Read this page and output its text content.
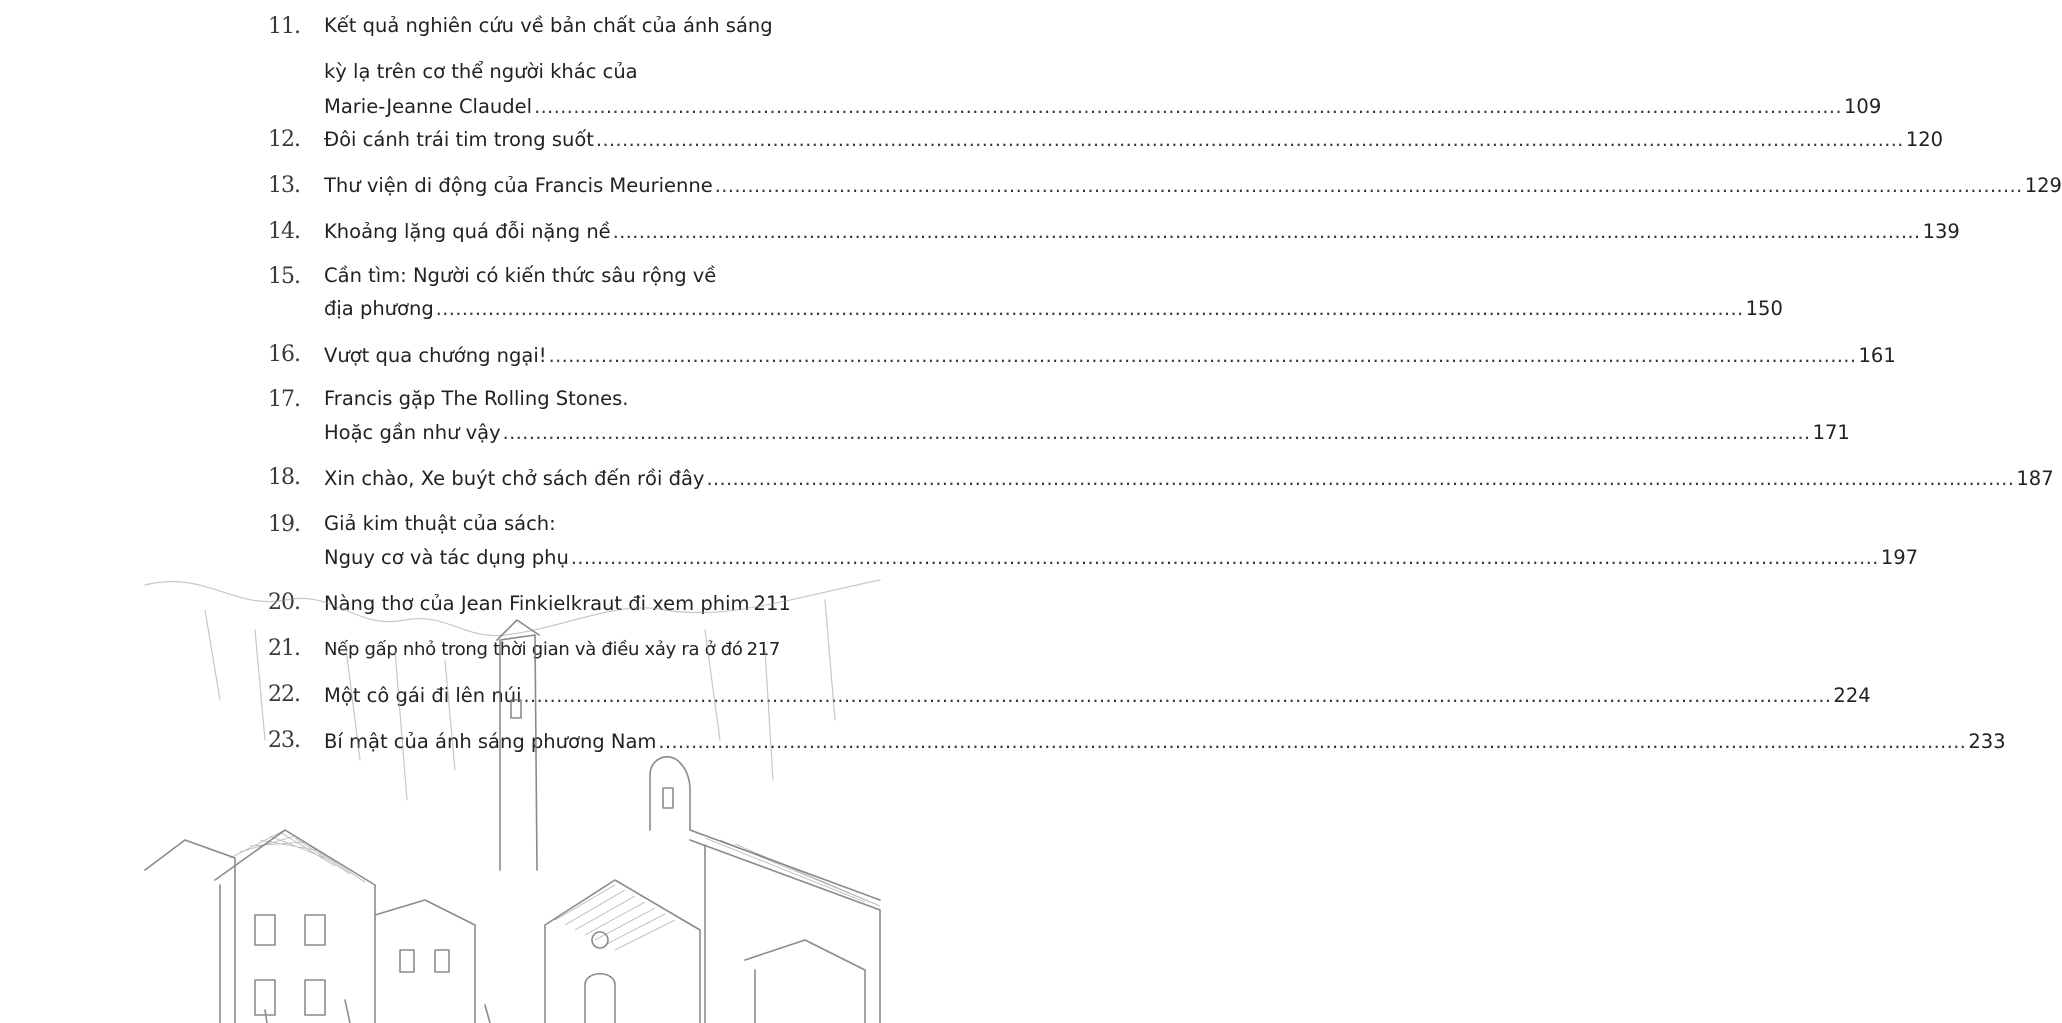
11. Kết quả nghiên cứu về bản chất của ánh sáng
kỳ lạ trên cơ thể người khác của
Marie-Jeanne Claudel ........................................................................................................................................................................................................ 109
12. Đôi cánh trái tim trong suốt ........................................................................................................................................................................................................ 120
13. Thư viện di động của Francis Meurienne ........................................................................................................................................................................................................ 129
14. Khoảng lặng quá đỗi nặng nề ........................................................................................................................................................................................................ 139
15. Cần tìm: Người có kiến thức sâu rộng về
địa phương ........................................................................................................................................................................................................ 150
16. Vượt qua chướng ngại! ........................................................................................................................................................................................................ 161
17. Francis gặp The Rolling Stones.
Hoặc gần như vậy ........................................................................................................................................................................................................ 171
18. Xin chào, Xe buýt chở sách đến rồi đây ........................................................................................................................................................................................................ 187
19. Giả kim thuật của sách:
Nguy cơ và tác dụng phụ ........................................................................................................................................................................................................ 197
20. Nàng thơ của Jean Finkielkraut đi xem phim 211
21. Nếp gấp nhỏ trong thời gian và điều xảy ra ở đó 217
22. Một cô gái đi lên núi ........................................................................................................................................................................................................ 224
23. Bí mật của ánh sáng phương Nam ........................................................................................................................................................................................................ 233
